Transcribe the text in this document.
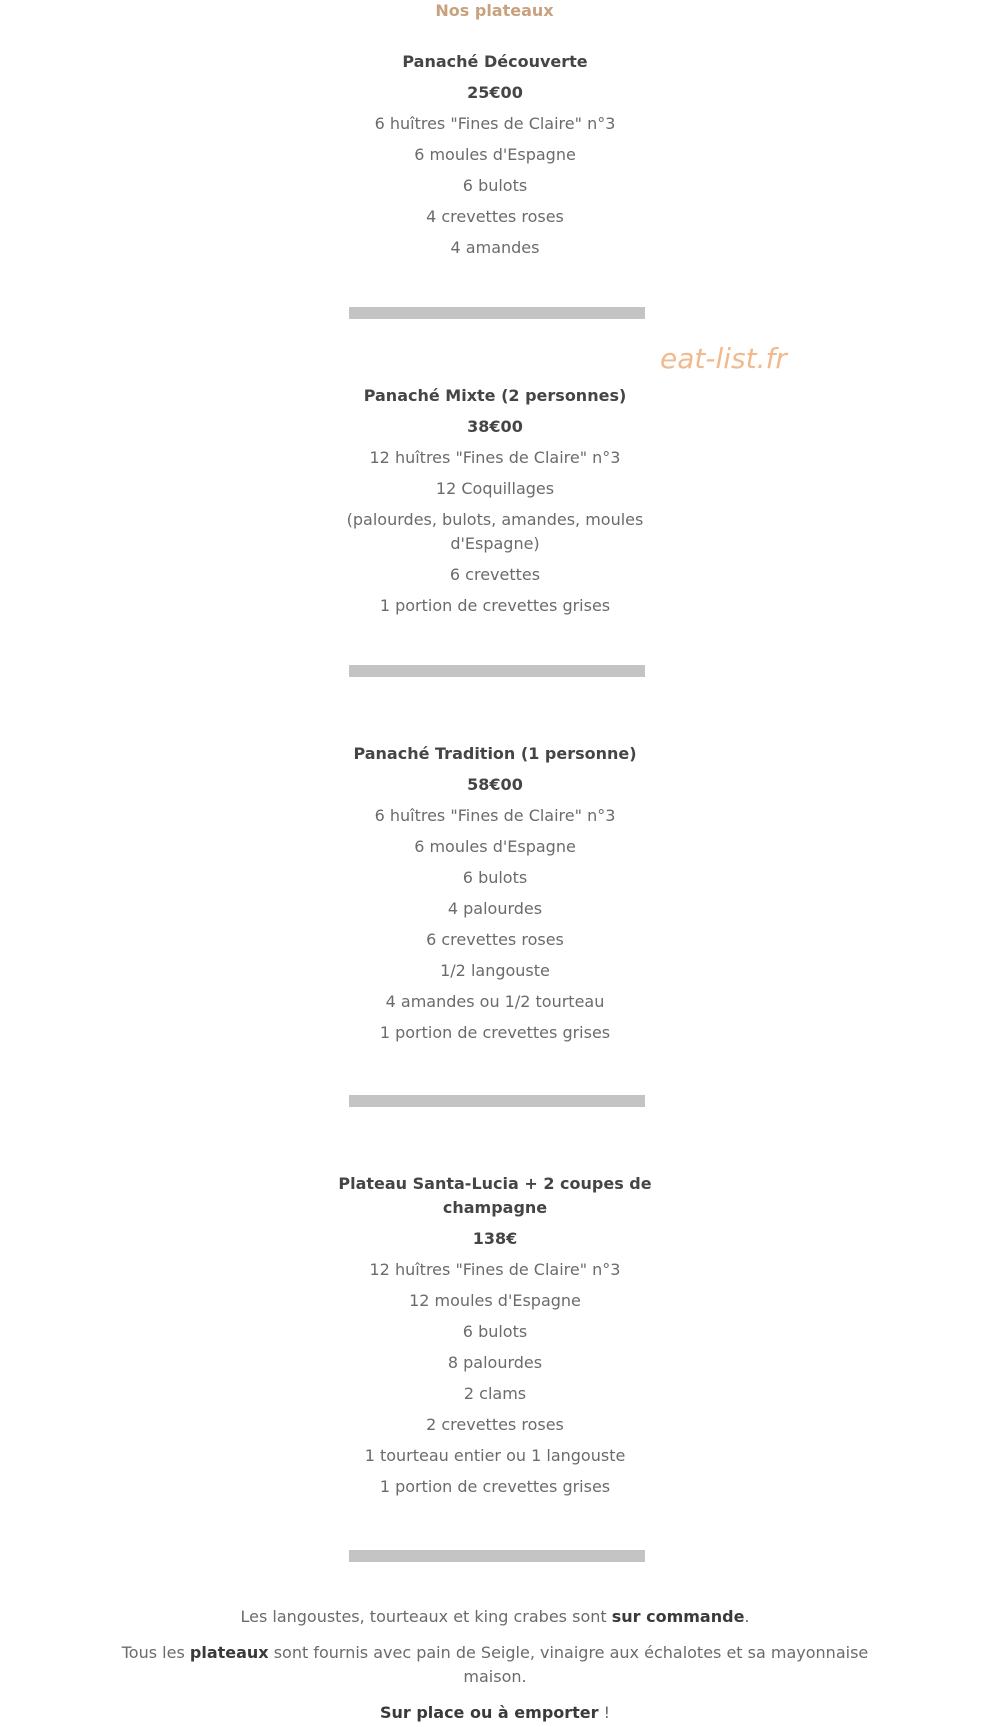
Nos plateaux
eat-list.fr
Panaché Découverte
25€00
6 huîtres "Fines de Claire" n°3
6 moules d'Espagne
6 bulots
4 crevettes roses
4 amandes
Panaché Mixte (2 personnes)
38€00
12 huîtres "Fines de Claire" n°3
12 Coquillages
(palourdes, bulots, amandes, moules d'Espagne)
6 crevettes
1 portion de crevettes grises
Panaché Tradition (1 personne)
58€00
6 huîtres "Fines de Claire" n°3
6 moules d'Espagne
6 bulots
4 palourdes
6 crevettes roses
1/2 langouste
4 amandes ou 1/2 tourteau
1 portion de crevettes grises
Plateau Santa-Lucia + 2 coupes de champagne
138€
12 huîtres "Fines de Claire" n°3
12 moules d'Espagne
6 bulots
8 palourdes
2 clams
2 crevettes roses
1 tourteau entier ou 1 langouste
1 portion de crevettes grises
Les langoustes, tourteaux et king crabes sont sur commande.
Tous les plateaux sont fournis avec pain de Seigle, vinaigre aux échalotes et sa mayonnaise maison.
Sur place ou à emporter !
